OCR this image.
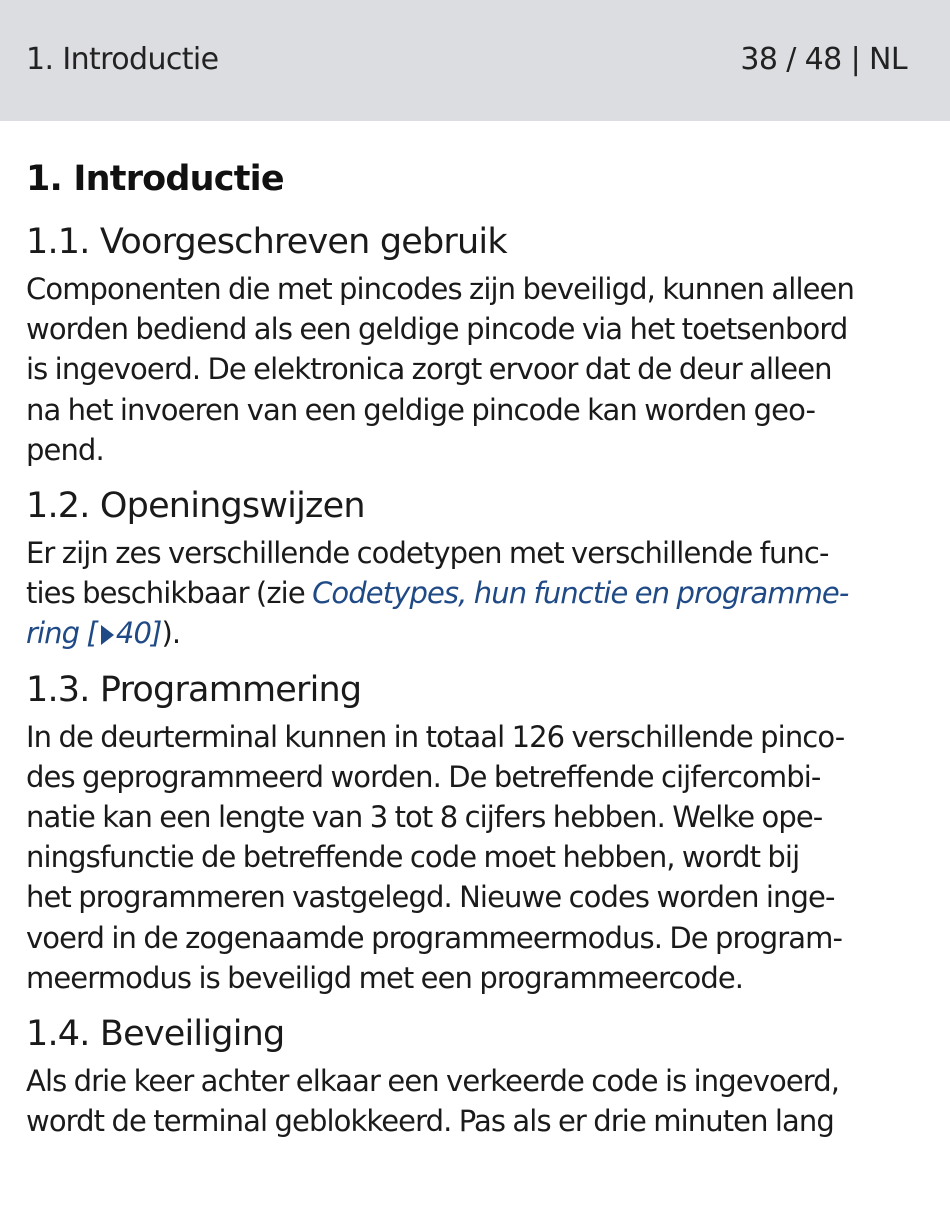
1. Introductie	38 / 48 | NL
1. Introductie
1.1. Voorgeschreven gebruik

Componenten die met pincodes zijn beveiligd, kunnen alleen
worden bediend als een geldige pincode via het toetsenbord
is ingevoerd. De elektronica zorgt ervoor dat de deur alleen
na het invoeren van een geldige pincode kan worden geo-
pend.

1.2. Openingswijzen

Er zijn zes verschillende codetypen met verschillende func-
ties beschikbaar (zie Codetypes, hun functie en programme-
ring [ 40]).

1.3. Programmering

In de deurterminal kunnen in totaal 126 verschillende pinco-
des geprogrammeerd worden. De betreffende cijfercombi-
natie kan een lengte van 3 tot 8 cijfers hebben. Welke ope-
ningsfunctie de betreffende code moet hebben, wordt bij
het programmeren vastgelegd. Nieuwe codes worden inge-
voerd in de zogenaamde programmeermodus. De program-
meermodus is beveiligd met een programmeercode.

1.4. Beveiliging

Als drie keer achter elkaar een verkeerde code is ingevoerd,
wordt de terminal geblokkeerd. Pas als er drie minuten lang
